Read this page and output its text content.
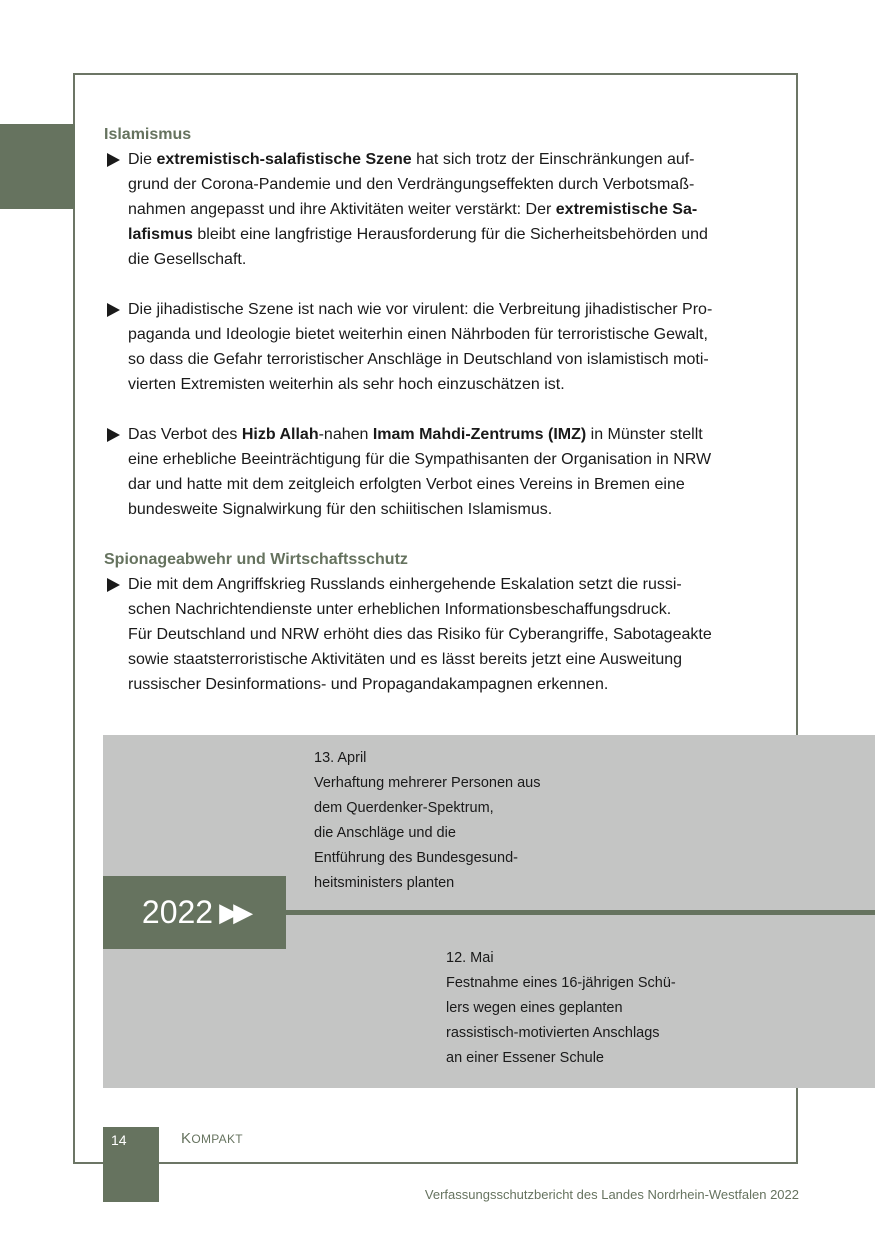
Islamismus
Die extremistisch-salafistische Szene hat sich trotz der Einschränkungen auf-
grund der Corona-Pandemie und den Verdrängungseffekten durch Verbotsmaß-
nahmen angepasst und ihre Aktivitäten weiter verstärkt: Der extremistische Sa-
lafismus bleibt eine langfristige Herausforderung für die Sicherheitsbehörden und
die Gesellschaft.
Die jihadistische Szene ist nach wie vor virulent: die Verbreitung jihadistischer Pro-
paganda und Ideologie bietet weiterhin einen Nährboden für terroristische Gewalt,
so dass die Gefahr terroristischer Anschläge in Deutschland von islamistisch moti-
vierten Extremisten weiterhin als sehr hoch einzuschätzen ist.
Das Verbot des Hizb Allah-nahen Imam Mahdi-Zentrums (IMZ) in Münster stellt
eine erhebliche Beeinträchtigung für die Sympathisanten der Organisation in NRW
dar und hatte mit dem zeitgleich erfolgten Verbot eines Vereins in Bremen eine
bundesweite Signalwirkung für den schiitischen Islamismus.
Spionageabwehr und Wirtschaftsschutz
Die mit dem Angriffskrieg Russlands einhergehende Eskalation setzt die russi-
schen Nachrichtendienste unter erheblichen Informationsbeschaffungsdruck.
Für Deutschland und NRW erhöht dies das Risiko für Cyberangriffe, Sabotageakte
sowie staatsterroristische Aktivitäten und es lässt bereits jetzt eine Ausweitung
russischer Desinformations- und Propagandakampagnen erkennen.
2022 ▶▶
13. April
Verhaftung mehrerer Personen aus
dem Querdenker-Spektrum,
die Anschläge und die
Entführung des Bundesgesund-
heitsministers planten
12. Mai
Festnahme eines 16-jährigen Schü-
lers wegen eines geplanten
rassistisch-motivierten Anschlags
an einer Essener Schule
14	KOMPAKT
Verfassungsschutzbericht des Landes Nordrhein-Westfalen 2022
